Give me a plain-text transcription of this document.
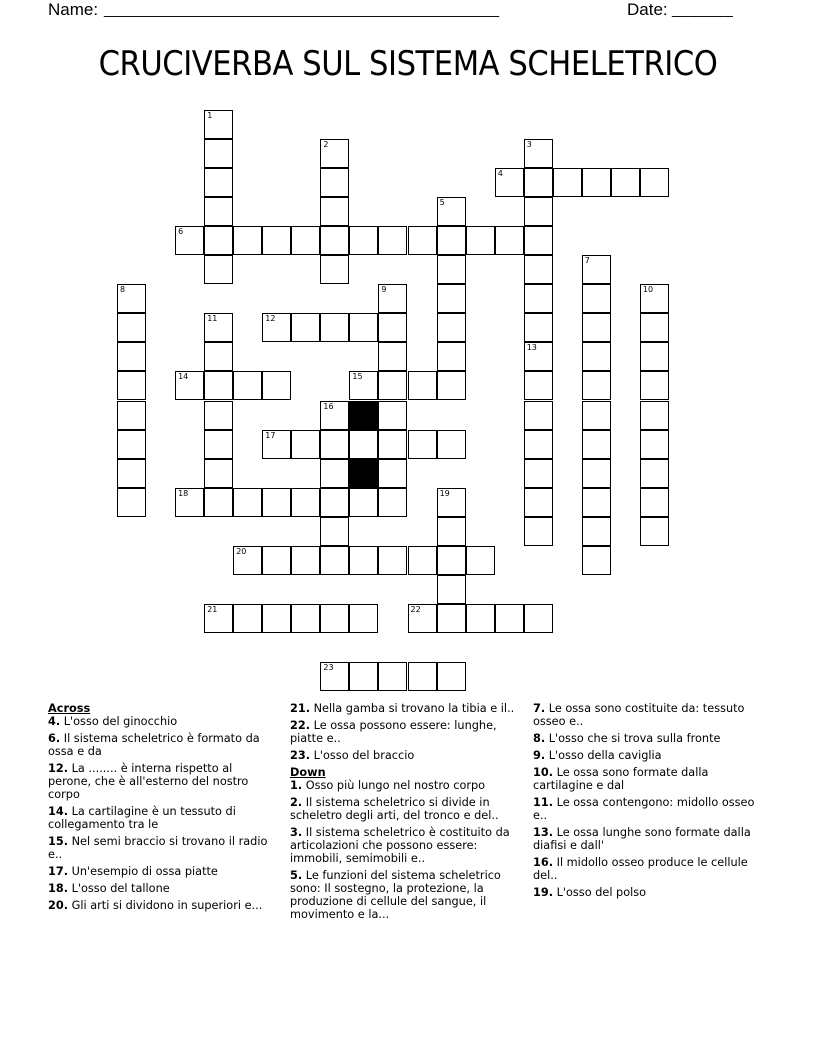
Name: __________________________________________________	Date: _______
CRUCIVERBA SUL SISTEMA SCHELETRICO
1
2	3
4
5
6
7
8	9	10
11	12
13
14	15
16
17
18	19
20
21	22
23
Across
4. L'osso del ginocchio
6. Il sistema scheletrico è formato da ossa e da
12. La ........ è interna rispetto al perone, che è all'esterno del nostro corpo
14. La cartilagine è un tessuto di collegamento tra le
15. Nel semi braccio si trovano il radio e..
17. Un'esempio di ossa piatte
18. L'osso del tallone
20. Gli arti si dividono in superiori e...
21. Nella gamba si trovano la tibia e il..
22. Le ossa possono essere: lunghe, piatte e..
23. L'osso del braccio
Down
1. Osso più lungo nel nostro corpo
2. Il sistema scheletrico si divide in scheletro degli arti, del tronco e del..
3. Il sistema scheletrico è costituito da articolazioni che possono essere: immobili, semimobili e..
5. Le funzioni del sistema scheletrico sono: Il sostegno, la protezione, la produzione di cellule del sangue, il movimento e la...
7. Le ossa sono costituite da: tessuto osseo e..
8. L'osso che si trova sulla fronte
9. L'osso della caviglia
10. Le ossa sono formate dalla cartilagine e dal
11. Le ossa contengono: midollo osseo e..
13. Le ossa lunghe sono formate dalla diafisi e dall'
16. Il midollo osseo produce le cellule del..
19. L'osso del polso
